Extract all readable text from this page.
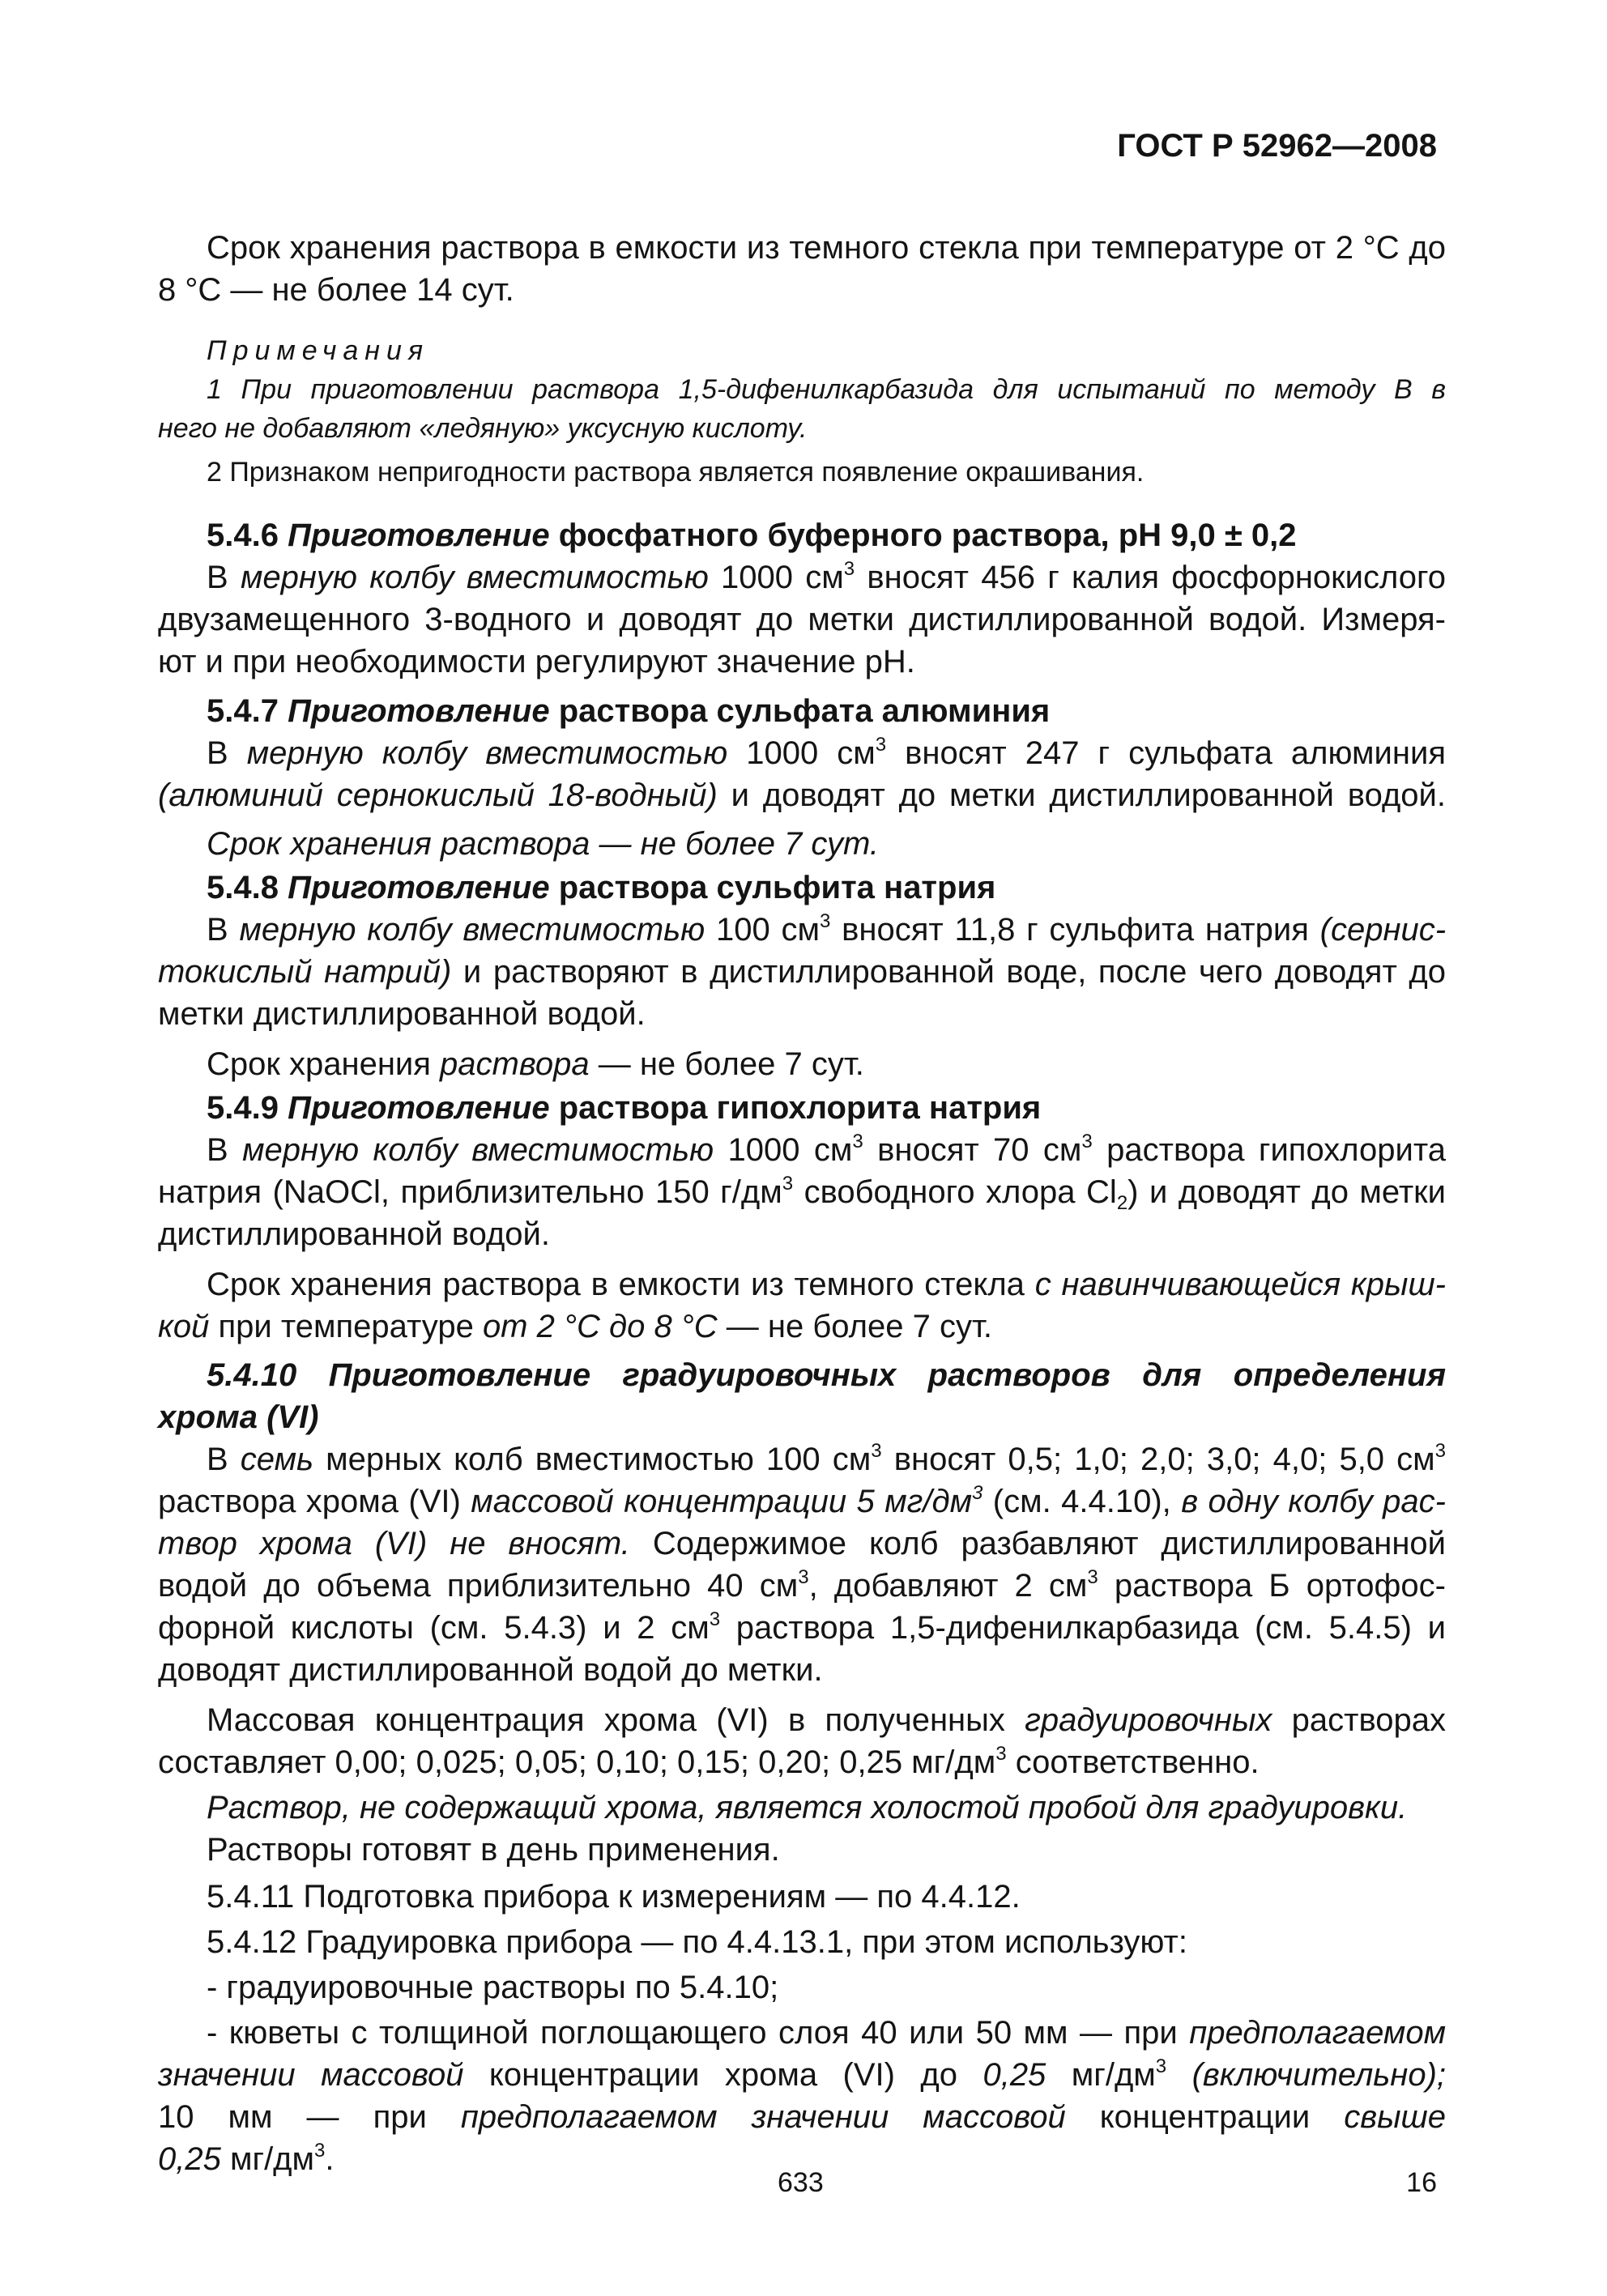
ГОСТ Р 52962—2008
Срок хранения раствора в емкости из темного стекла при температуре от 2 °С до
8 °С — не более 14 сут.
Примечания
1 При приготовлении раствора 1,5-дифенилкарбазида для испытаний по методу В в
него не добавляют «ледяную» уксусную кислоту.
2 Признаком непригодности раствора является появление окрашивания.
5.4.6 Приготовление фосфатного буферного раствора, pH 9,0 ± 0,2
В мерную колбу вместимостью 1000 $см^3$ вносят 456 г калия фосфорнокислого
двузамещенного 3-водного и доводят до метки дистиллированной водой. Измеря-
ют и при необходимости регулируют значение pH.
5.4.7 Приготовление раствора сульфата алюминия
В мерную колбу вместимостью 1000 $см^3$ вносят 247 г сульфата алюминия
(алюминий сернокислый 18-водный) и доводят до метки дистиллированной водой.
Срок хранения раствора — не более 7 сут.
5.4.8 Приготовление раствора сульфита натрия
В мерную колбу вместимостью 100 $см^3$ вносят 11,8 г сульфита натрия (сернис-
токислый натрий) и растворяют в дистиллированной воде, после чего доводят до
метки дистиллированной водой.
Срок хранения раствора — не более 7 сут.
5.4.9 Приготовление раствора гипохлорита натрия
В мерную колбу вместимостью 1000 $см^3$ вносят 70 $см^3$ раствора гипохлорита
натрия (NaOCl, приблизительно 150 $г/дм^3$ свободного хлора $Cl_2$) и доводят до метки
дистиллированной водой.
Срок хранения раствора в емкости из темного стекла с навинчивающейся крыш-
кой при температуре от 2 °С до 8 °С — не более 7 сут.
5.4.10 Приготовление градуировочных растворов для определения
хрома (VI)
В семь мерных колб вместимостью 100 $см^3$ вносят 0,5; 1,0; 2,0; 3,0; 4,0; 5,0 $см^3$
раствора хрома (VI) массовой концентрации 5 $мг/дм^3$ (см. 4.4.10), в одну колбу рас-
твор хрома (VI) не вносят. Содержимое колб разбавляют дистиллированной
водой до объема приблизительно 40 $см^3$, добавляют 2 $см^3$ раствора Б ортофос-
форной кислоты (см. 5.4.3) и 2 $см^3$ раствора 1,5-дифенилкарбазида (см. 5.4.5) и
доводят дистиллированной водой до метки.
Массовая концентрация хрома (VI) в полученных градуировочных растворах
составляет 0,00; 0,025; 0,05; 0,10; 0,15; 0,20; 0,25 $мг/дм^3$ соответственно.
Раствор, не содержащий хрома, является холостой пробой для градуировки.
Растворы готовят в день применения.
5.4.11 Подготовка прибора к измерениям — по 4.4.12.
5.4.12 Градуировка прибора — по 4.4.13.1, при этом используют:
- градуировочные растворы по 5.4.10;
- кюветы с толщиной поглощающего слоя 40 или 50 мм — при предполагаемом
значении массовой концентрации хрома (VI) до 0,25 $мг/дм^3$ (включительно);
10 мм — при предполагаемом значении массовой концентрации свыше
0,25 $мг/дм^3$.
633	16
